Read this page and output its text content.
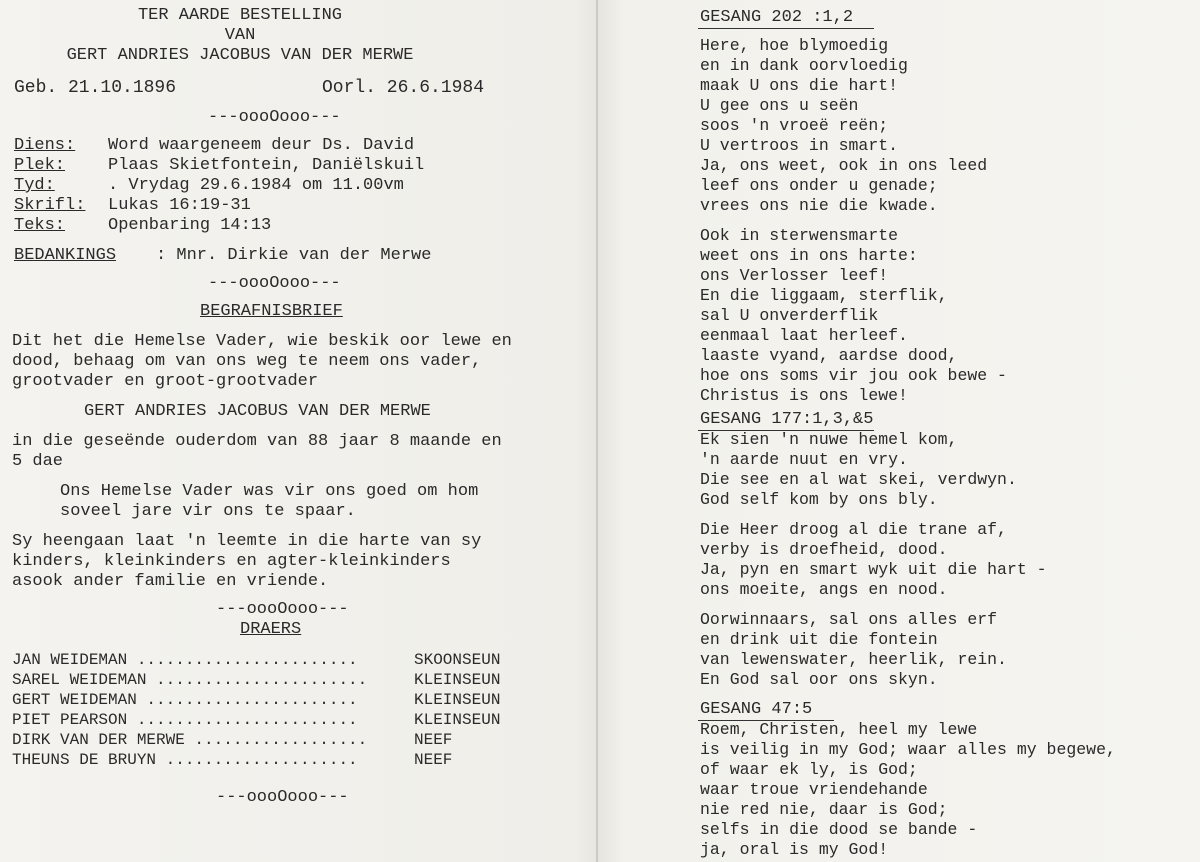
TER AARDE BESTELLING
VAN
GERT ANDRIES JACOBUS VAN DER MERWE
Geb. 21.10.1896	Oorl. 26.6.1984
---oooOooo---
Diens: Word waargeneem deur Ds. David
Plek:	Plaas Skietfontein, Daniëlskuil
Tyd:	. Vrydag 29.6.1984 om 11.00vm
Skrifl: Lukas 16:19-31
Teks:	Openbaring 14:13
BEDANKINGS : Mnr. Dirkie van der Merwe
---oooOooo---
BEGRAFNISBRIEF
Dit het die Hemelse Vader, wie beskik oor lewe en
dood, behaag om van ons weg te neem ons vader,
grootvader en groot-grootvader
GERT ANDRIES JACOBUS VAN DER MERWE
in die geseënde ouderdom van 88 jaar 8 maande en
5 dae
Ons Hemelse Vader was vir ons goed om hom
soveel jare vir ons te spaar.
Sy heengaan laat 'n leemte in die harte van sy
kinders, kleinkinders en agter-kleinkinders
asook ander familie en vriende.
---oooOooo---
DRAERS
JAN WEIDEMAN .......................	SKOONSEUN
SAREL WEIDEMAN ......................	KLEINSEUN
GERT WEIDEMAN ......................	KLEINSEUN
PIET PEARSON .......................	KLEINSEUN
DIRK VAN DER MERWE ..................	NEEF
THEUNS DE BRUYN ....................	NEEF
---oooOooo---
GESANG 202 :1,2
Here, hoe blymoedig
en in dank oorvloedig
maak U ons die hart!
U gee ons u seën
soos 'n vroeë reën;
U vertroos in smart.
Ja, ons weet, ook in ons leed
leef ons onder u genade;
vrees ons nie die kwade.
Ook in sterwensmarte
weet ons in ons harte:
ons Verlosser leef!
En die liggaam, sterflik,
sal U onverderflik
eenmaal laat herleef.
laaste vyand, aardse dood,
hoe ons soms vir jou ook bewe -
Christus is ons lewe!
GESANG 177:1,3,&5
Ek sien 'n nuwe hemel kom,
'n aarde nuut en vry.
Die see en al wat skei, verdwyn.
God self kom by ons bly.
Die Heer droog al die trane af,
verby is droefheid, dood.
Ja, pyn en smart wyk uit die hart -
ons moeite, angs en nood.
Oorwinnaars, sal ons alles erf
en drink uit die fontein
van lewenswater, heerlik, rein.
En God sal oor ons skyn.
GESANG 47:5
Roem, Christen, heel my lewe
is veilig in my God; waar alles my begewe,
of waar ek ly, is God;
waar troue vriendehande
nie red nie, daar is God;
selfs in die dood se bande -
ja, oral is my God!
